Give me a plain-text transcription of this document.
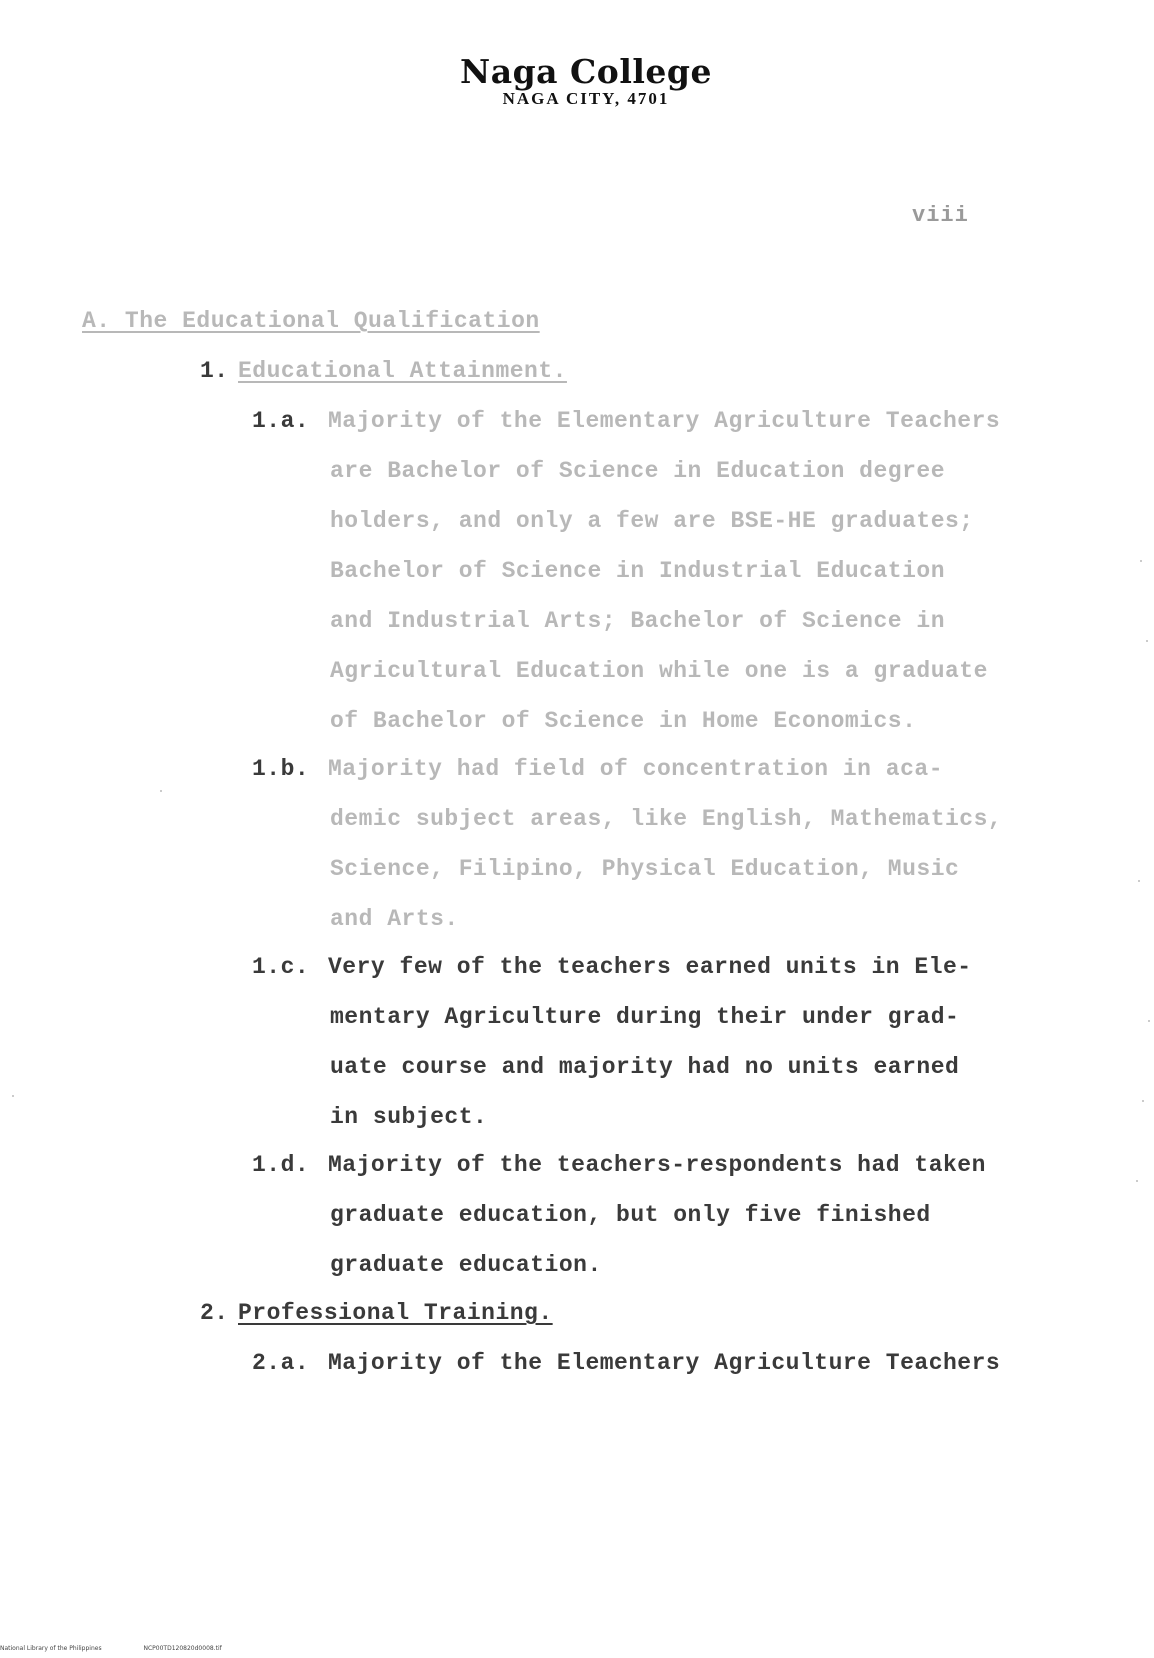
Naga College
NAGA CITY, 4701
viii
A. The Educational Qualification
1. Educational Attainment.
1.a. Majority of the Elementary Agriculture Teachers
are Bachelor of Science in Education degree
holders, and only a few are BSE-HE graduates;
Bachelor of Science in Industrial Education
and Industrial Arts; Bachelor of Science in
Agricultural Education while one is a graduate
of Bachelor of Science in Home Economics.
1.b. Majority had field of concentration in aca-
demic subject areas, like English, Mathematics,
Science, Filipino, Physical Education, Music
and Arts.
1.c. Very few of the teachers earned units in Ele-
mentary Agriculture during their under grad-
uate course and majority had no units earned
in subject.
1.d. Majority of the teachers-respondents had taken
graduate education, but only five finished
graduate education.
2. Professional Training.
2.a. Majority of the Elementary Agriculture Teachers
National Library of the Philippines	NCP00TD120820d0008.tif
